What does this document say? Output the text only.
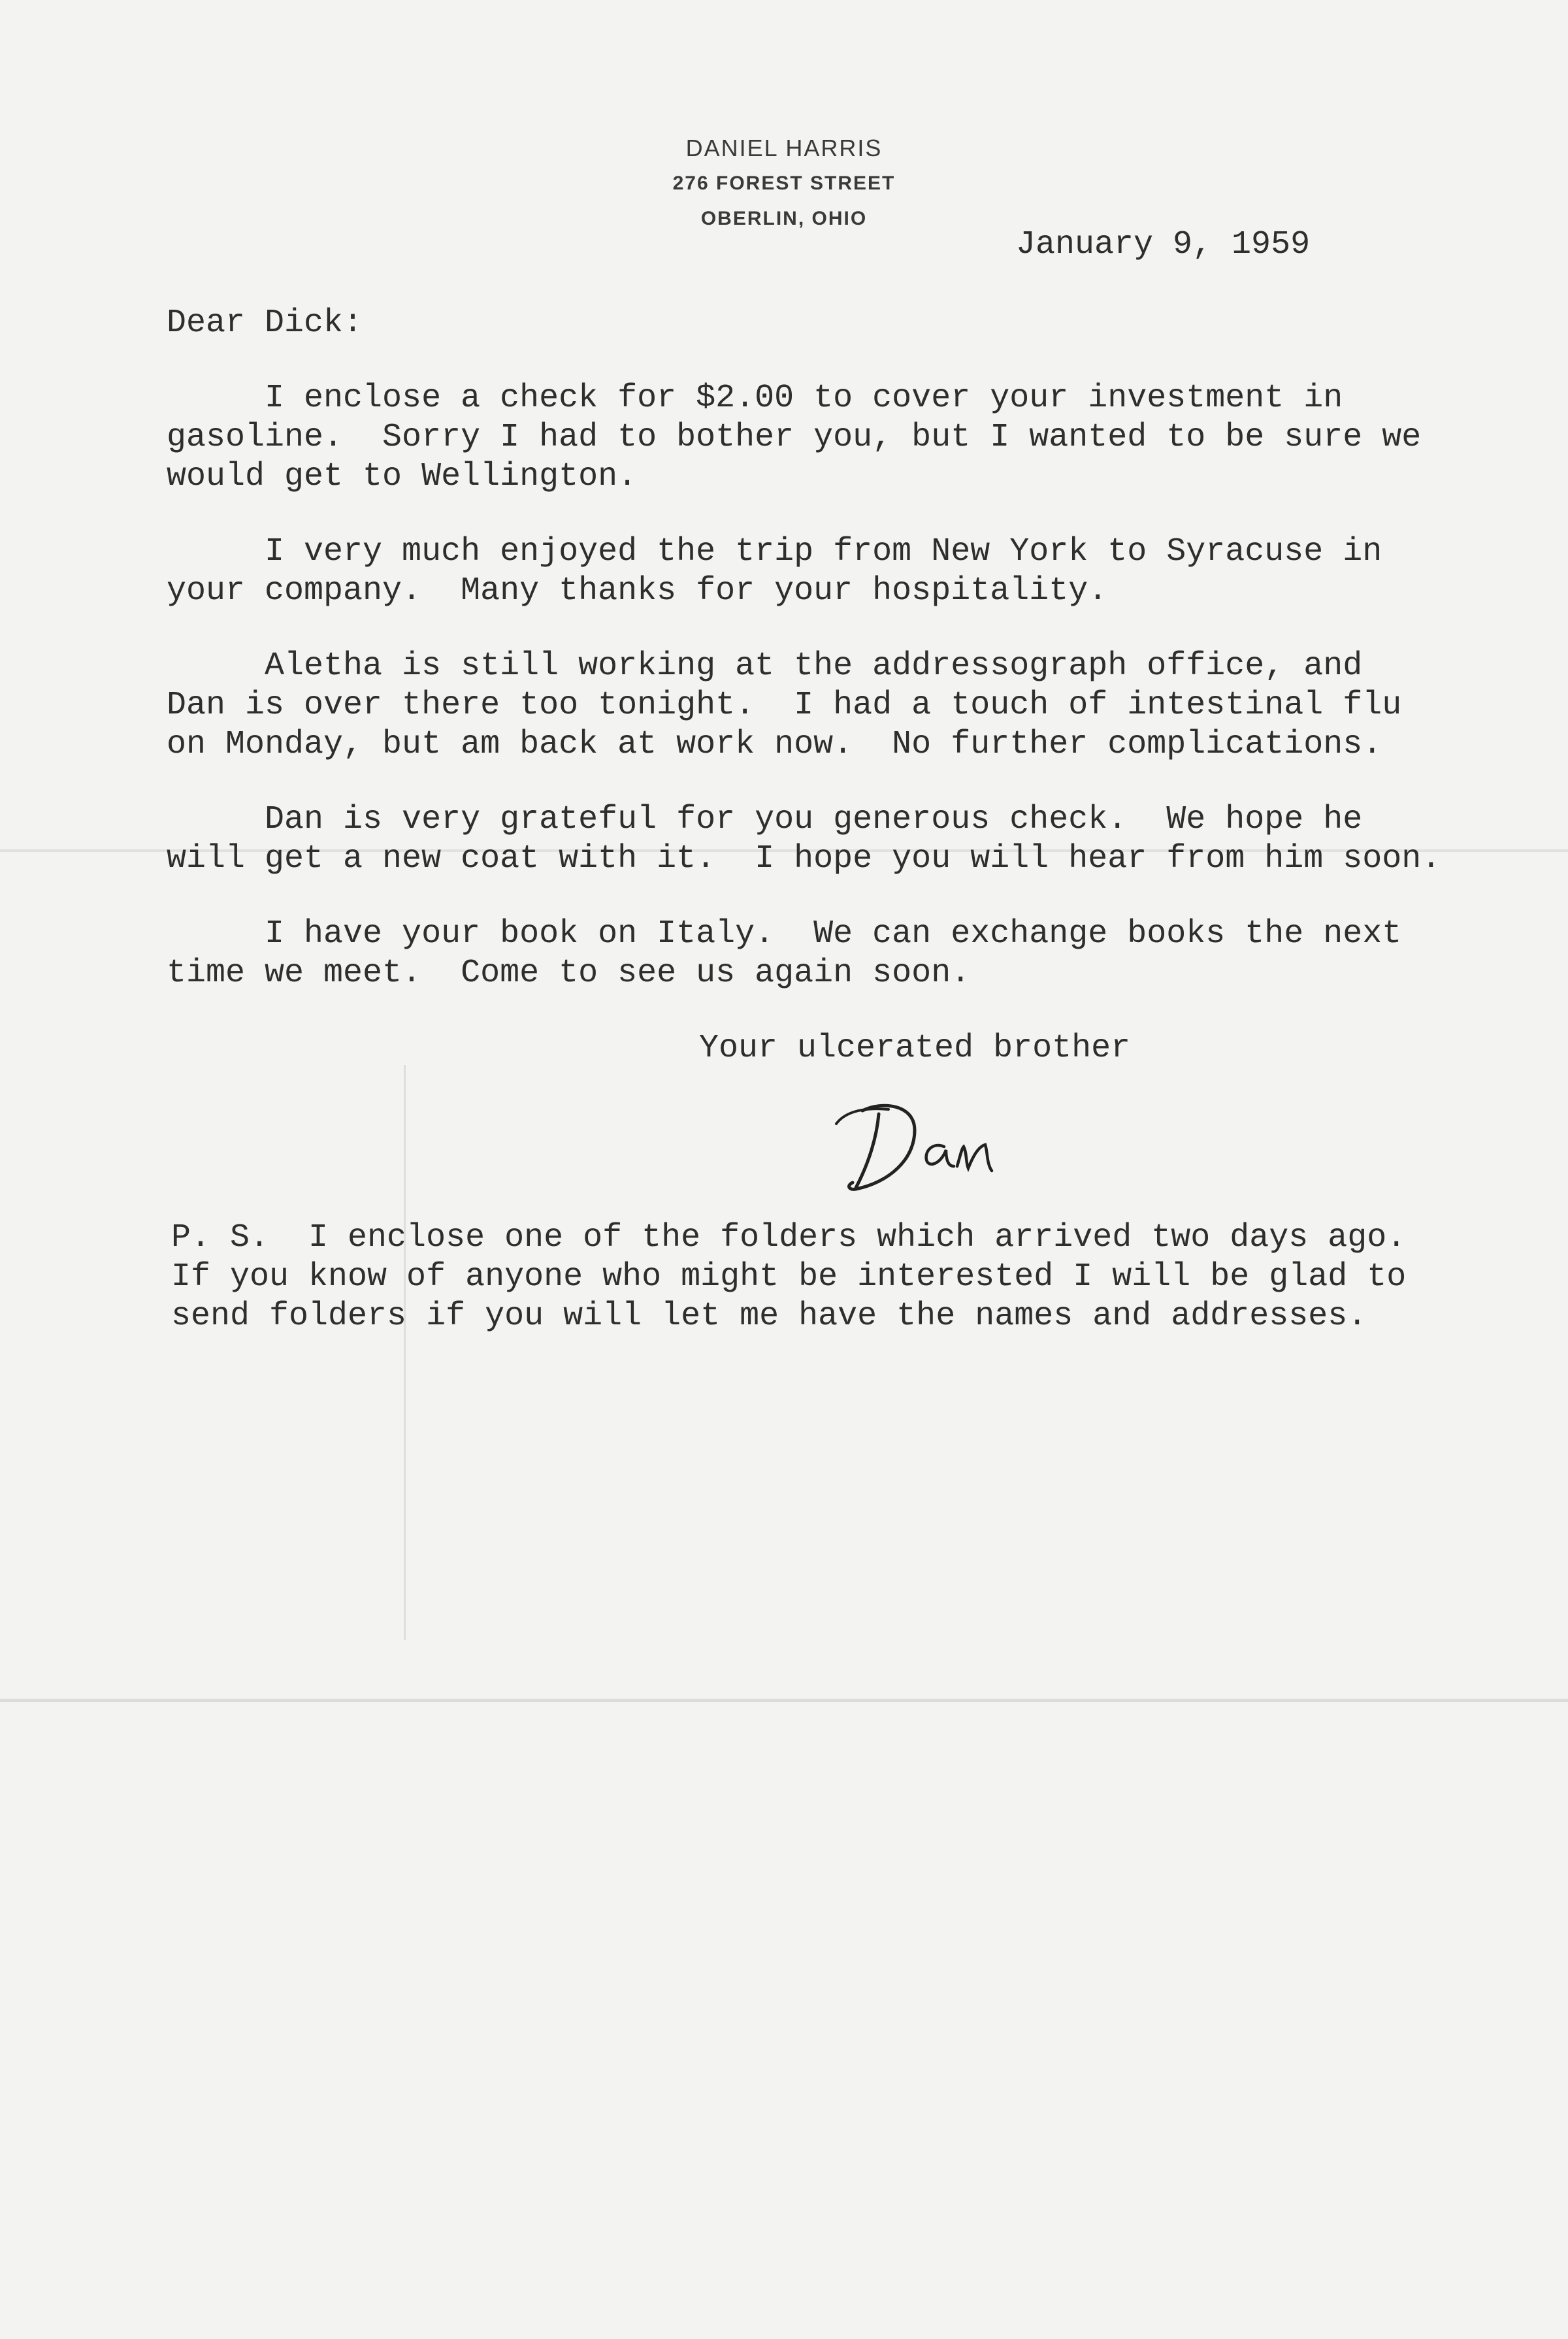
DANIEL HARRIS
276 FOREST STREET
OBERLIN, OHIO
January 9, 1959
Dear Dick:
I enclose a check for $2.00 to cover your investment in
gasoline.  Sorry I had to bother you, but I wanted to be sure we
would get to Wellington.
I very much enjoyed the trip from New York to Syracuse in
your company.  Many thanks for your hospitality.
Aletha is still working at the addressograph office, and
Dan is over there too tonight.  I had a touch of intestinal flu
on Monday, but am back at work now.  No further complications.
Dan is very grateful for you generous check.  We hope he
will get a new coat with it.  I hope you will hear from him soon.
I have your book on Italy.  We can exchange books the next
time we meet.  Come to see us again soon.
Your ulcerated brother
P. S.  I enclose one of the folders which arrived two days ago.
If you know of anyone who might be interested I will be glad to
send folders if you will let me have the names and addresses.
